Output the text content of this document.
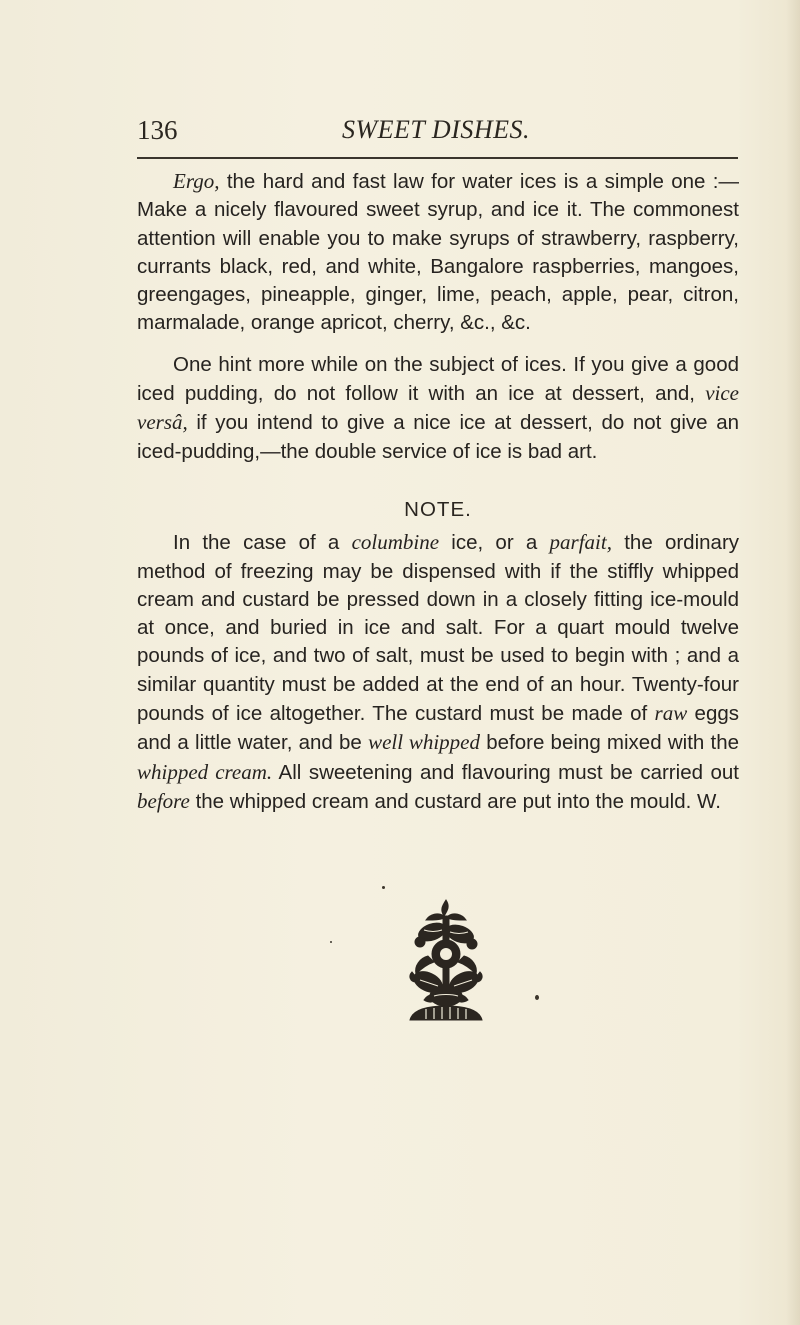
136	SWEET DISHES.

Ergo, the hard and fast law for water ices is a simple one :— Make a nicely flavoured sweet syrup, and ice it. The commonest attention will enable you to make syrups of strawberry, raspberry, currants black, red, and white, Bangalore raspberries, mangoes, greengages, pineapple, ginger, lime, peach, apple, pear, citron, marmalade, orange apricot, cherry, &c., &c.

One hint more while on the subject of ices. If you give a good iced pudding, do not follow it with an ice at dessert, and, vice versâ, if you intend to give a nice ice at dessert, do not give an iced-pudding,—the double service of ice is bad art.

NOTE.

In the case of a columbine ice, or a parfait, the ordinary method of freezing may be dispensed with if the stiffly whipped cream and custard be pressed down in a closely fitting ice-mould at once, and buried in ice and salt. For a quart mould twelve pounds of ice, and two of salt, must be used to begin with ; and a similar quantity must be added at the end of an hour. Twenty-four pounds of ice altogether. The custard must be made of raw eggs and a little water, and be well whipped before being mixed with the whipped cream. All sweetening and flavouring must be carried out before the whipped cream and custard are put into the mould. W.
